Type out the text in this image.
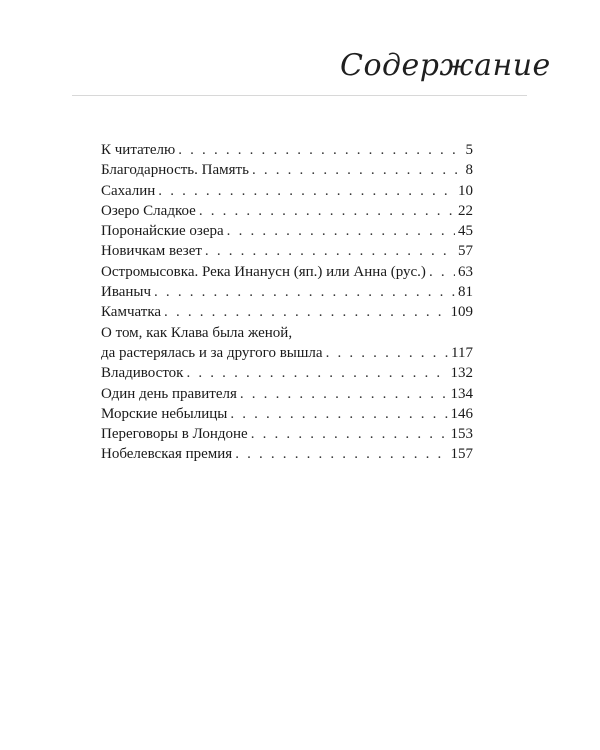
Содержание
К читателю . . .	5
Благодарность. Память . . .	8
Сахалин . . .	10
Озеро Сладкое . . .	22
Поронайские озера . . .	45
Новичкам везет . . .	57
Остромысовка. Река Инанусн (яп.) или Анна (рус.) . . . 63
Иваныч . . .	81
Камчатка . . .	109
О том, как Клава была женой,
да растерялась и за другого вышла . . .	117
Владивосток . . .	132
Один день правителя . . .	134
Морские небылицы . . .	146
Переговоры в Лондоне . . .	153
Нобелевская премия . . .	157
